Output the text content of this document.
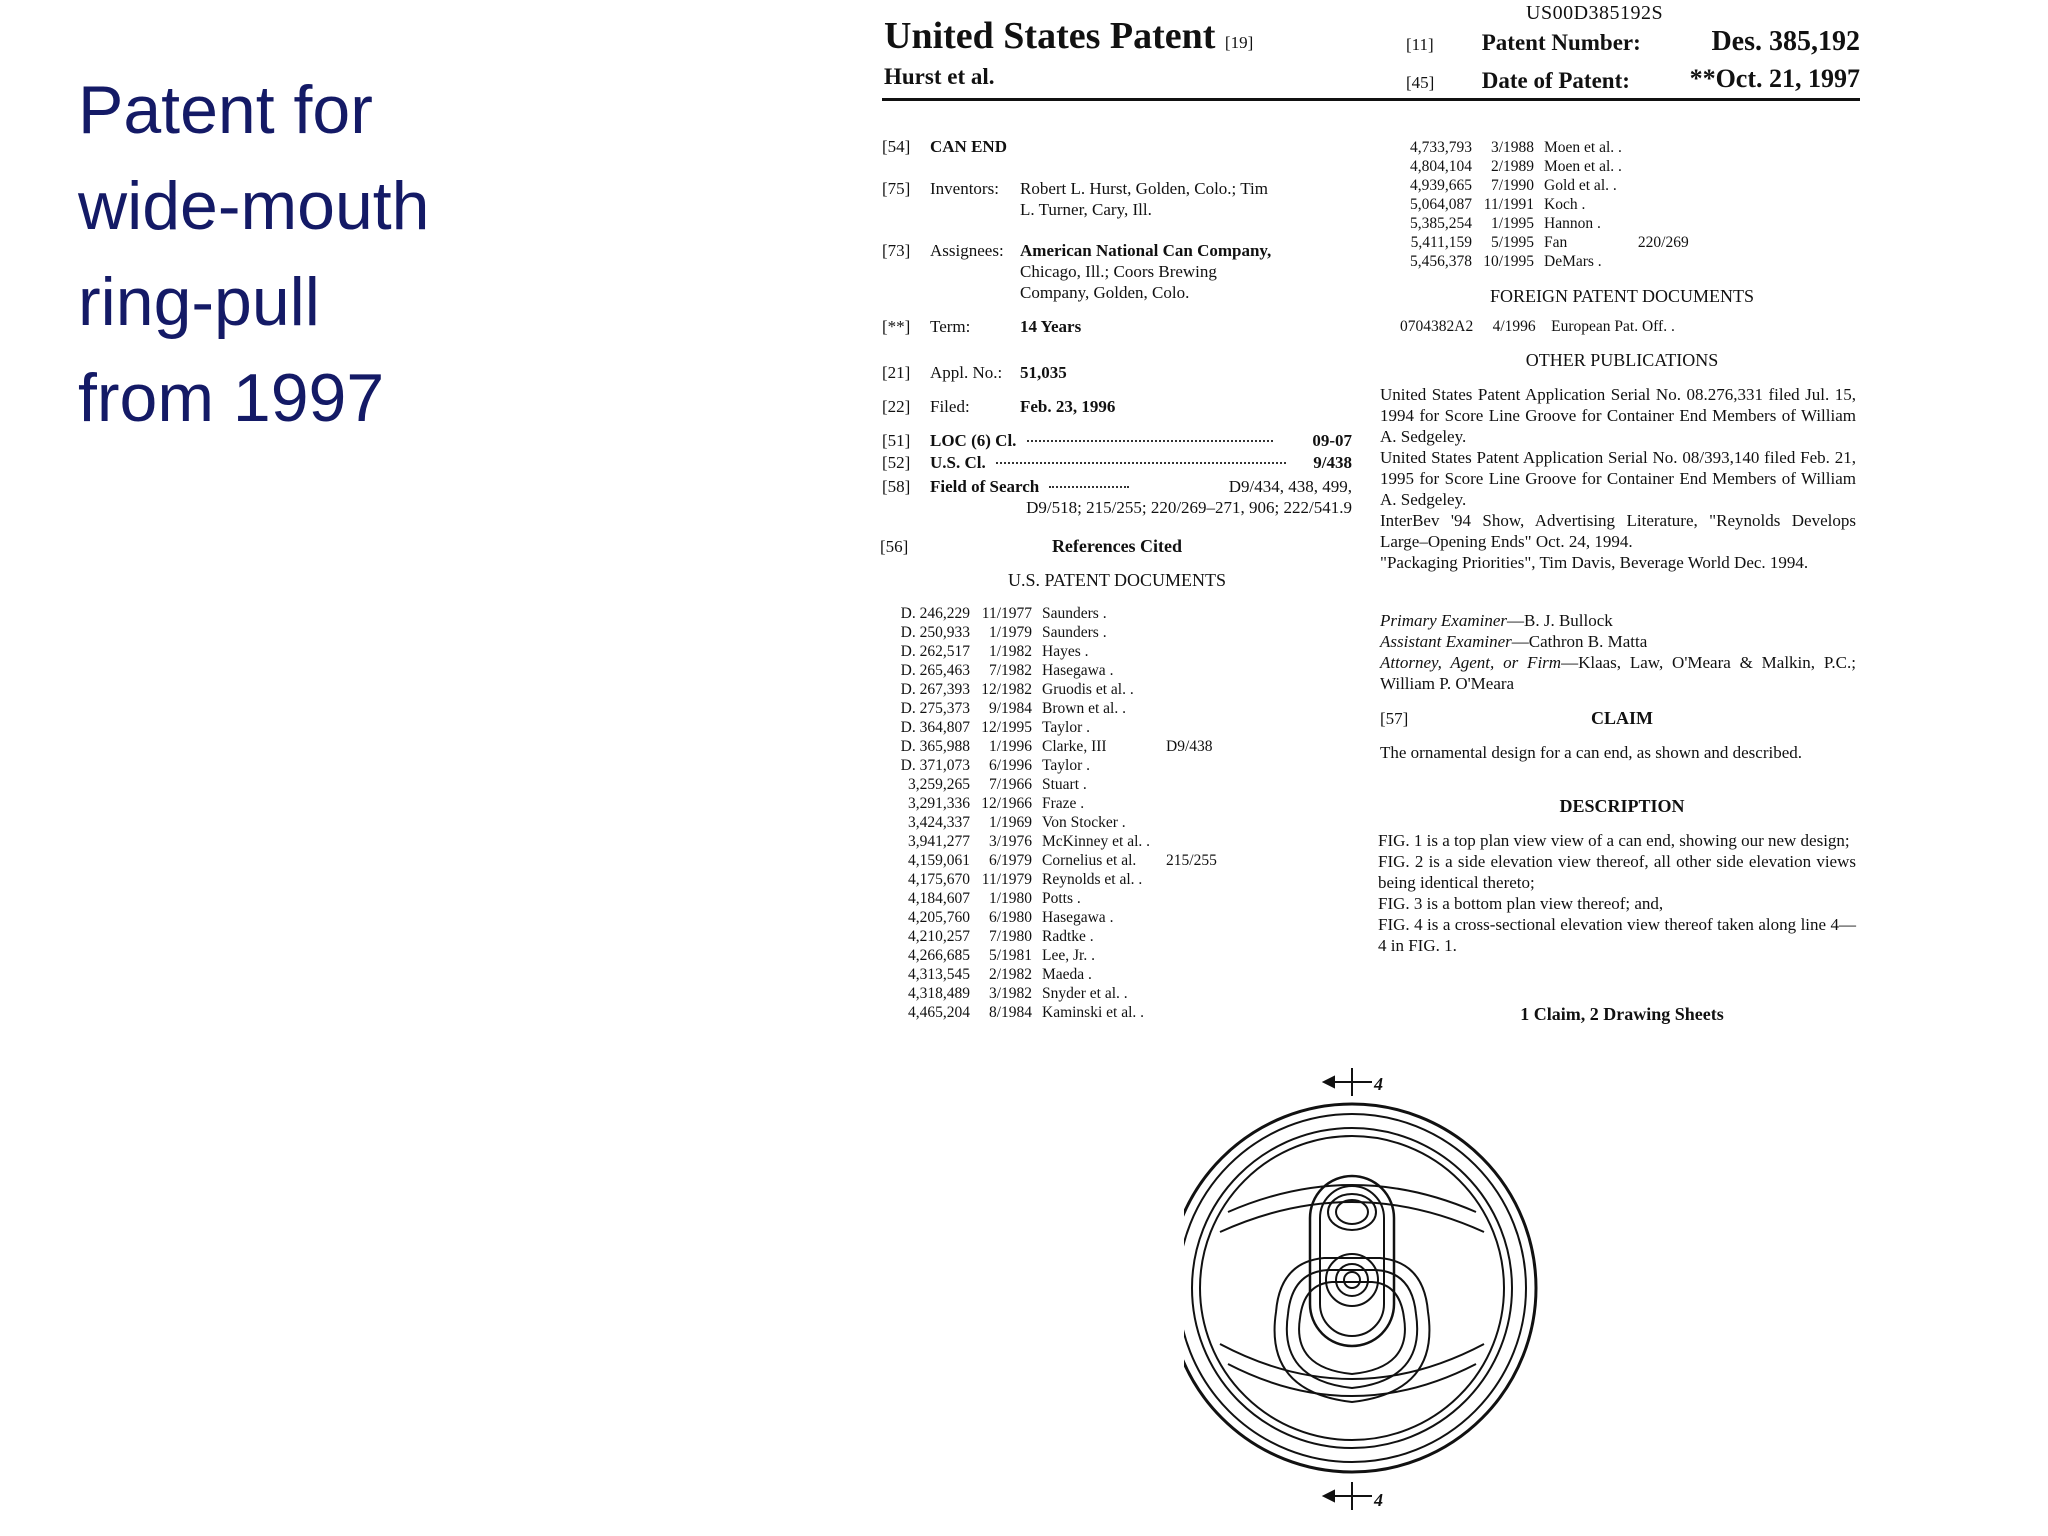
Patent for
wide-mouth
ring-pull
from 1997
US00D385192S
United States Patent [19]
Hurst et al.
[11] Patent Number:	Des. 385,192
[45] Date of Patent: **Oct. 21, 1997
[54] CAN END
[75] Inventors: Robert L. Hurst, Golden, Colo.; Tim
L. Turner, Cary, Ill.
[73] Assignees: American National Can Company,
Chicago, Ill.; Coors Brewing
Company, Golden, Colo.
[**] Term:	14 Years
[21] Appl. No.: 51,035
[22] Filed:	Feb. 23, 1996
[51] LOC (6) Cl.	09-07
[52] U.S. Cl.	9/438
[58] Field of Search	D9/434, 438, 499,
D9/518; 215/255; 220/269–271, 906; 222/541.9
[56]	References Cited
U.S. PATENT DOCUMENTS
D. 246,229	11/1977	Saunders .	
D. 250,933	1/1979	Saunders .	
D. 262,517	1/1982	Hayes .	
D. 265,463	7/1982	Hasegawa .	
D. 267,393	12/1982	Gruodis et al. .	
D. 275,373	9/1984	Brown et al. .	
D. 364,807	12/1995	Taylor .	
D. 365,988	1/1996	Clarke, III	D9/438
D. 371,073	6/1996	Taylor .	
3,259,265	7/1966	Stuart .	
3,291,336	12/1966	Fraze .	
3,424,337	1/1969	Von Stocker .	
3,941,277	3/1976	McKinney et al. .	
4,159,061	6/1979	Cornelius et al.	215/255
4,175,670	11/1979	Reynolds et al. .	
4,184,607	1/1980	Potts .	
4,205,760	6/1980	Hasegawa .	
4,210,257	7/1980	Radtke .	
4,266,685	5/1981	Lee, Jr. .	
4,313,545	2/1982	Maeda .	
4,318,489	3/1982	Snyder et al. .	
4,465,204	8/1984	Kaminski et al. .	
4,733,793	3/1988	Moen et al. .	
4,804,104	2/1989	Moen et al. .	
4,939,665	7/1990	Gold et al. .	
5,064,087	11/1991	Koch .	
5,385,254	1/1995	Hannon .	
5,411,159	5/1995	Fan	220/269
5,456,378	10/1995	DeMars .	
FOREIGN PATENT DOCUMENTS
0704382A2 4/1996 European Pat. Off. .
OTHER PUBLICATIONS
United States Patent Application Serial No. 08.276,331 filed Jul. 15, 1994 for Score Line Groove for Container End Members of William A. Sedgeley.
United States Patent Application Serial No. 08/393,140 filed Feb. 21, 1995 for Score Line Groove for Container End Members of William A. Sedgeley.
InterBev '94 Show, Advertising Literature, "Reynolds Develops Large–Opening Ends" Oct. 24, 1994.
"Packaging Priorities", Tim Davis, Beverage World Dec. 1994.
Primary Examiner—B. J. Bullock
Assistant Examiner—Cathron B. Matta
Attorney, Agent, or Firm—Klaas, Law, O'Meara & Malkin, P.C.; William P. O'Meara
[57]	CLAIM
The ornamental design for a can end, as shown and described.
DESCRIPTION
FIG. 1 is a top plan view view of a can end, showing our new design;
FIG. 2 is a side elevation view thereof, all other side elevation views being identical thereto;
FIG. 3 is a bottom plan view thereof; and,
FIG. 4 is a cross-sectional elevation view thereof taken along line 4—4 in FIG. 1.
1 Claim, 2 Drawing Sheets
4
4
